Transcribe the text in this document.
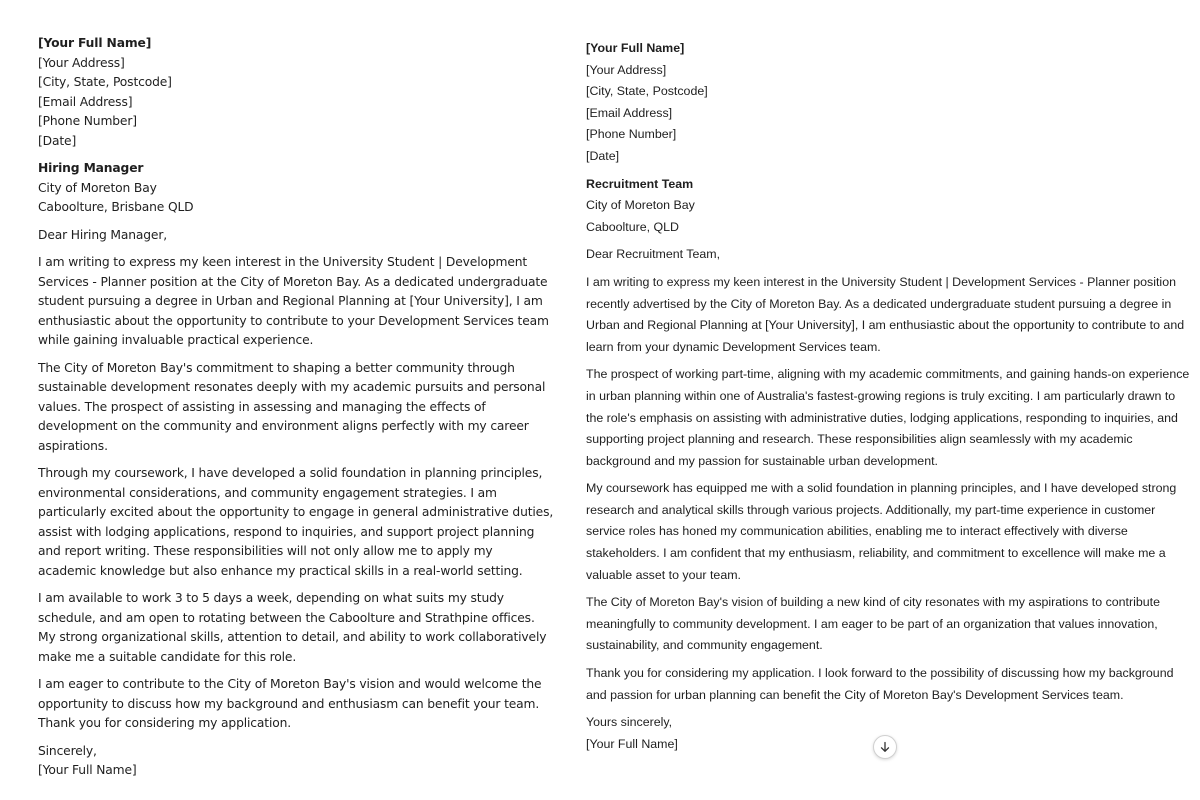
[Your Full Name]
[Your Address]
[City, State, Postcode]
[Email Address]
[Phone Number]
[Date]
Hiring Manager
City of Moreton Bay
Caboolture, Brisbane QLD
Dear Hiring Manager,
I am writing to express my keen interest in the University Student | Development Services - Planner position at the City of Moreton Bay. As a dedicated undergraduate student pursuing a degree in Urban and Regional Planning at [Your University], I am enthusiastic about the opportunity to contribute to your Development Services team while gaining invaluable practical experience.
The City of Moreton Bay's commitment to shaping a better community through sustainable development resonates deeply with my academic pursuits and personal values. The prospect of assisting in assessing and managing the effects of development on the community and environment aligns perfectly with my career aspirations.
Through my coursework, I have developed a solid foundation in planning principles, environmental considerations, and community engagement strategies. I am particularly excited about the opportunity to engage in general administrative duties, assist with lodging applications, respond to inquiries, and support project planning and report writing. These responsibilities will not only allow me to apply my academic knowledge but also enhance my practical skills in a real-world setting.
I am available to work 3 to 5 days a week, depending on what suits my study schedule, and am open to rotating between the Caboolture and Strathpine offices. My strong organizational skills, attention to detail, and ability to work collaboratively make me a suitable candidate for this role.
I am eager to contribute to the City of Moreton Bay's vision and would welcome the opportunity to discuss how my background and enthusiasm can benefit your team. Thank you for considering my application.
Sincerely,
[Your Full Name]
[Your Full Name]
[Your Address]
[City, State, Postcode]
[Email Address]
[Phone Number]
[Date]
Recruitment Team
City of Moreton Bay
Caboolture, QLD
Dear Recruitment Team,
I am writing to express my keen interest in the University Student | Development Services - Planner position recently advertised by the City of Moreton Bay. As a dedicated undergraduate student pursuing a degree in Urban and Regional Planning at [Your University], I am enthusiastic about the opportunity to contribute to and learn from your dynamic Development Services team.
The prospect of working part-time, aligning with my academic commitments, and gaining hands-on experience in urban planning within one of Australia's fastest-growing regions is truly exciting. I am particularly drawn to the role's emphasis on assisting with administrative duties, lodging applications, responding to inquiries, and supporting project planning and research. These responsibilities align seamlessly with my academic background and my passion for sustainable urban development.
My coursework has equipped me with a solid foundation in planning principles, and I have developed strong research and analytical skills through various projects. Additionally, my part-time experience in customer service roles has honed my communication abilities, enabling me to interact effectively with diverse stakeholders. I am confident that my enthusiasm, reliability, and commitment to excellence will make me a valuable asset to your team.
The City of Moreton Bay's vision of building a new kind of city resonates with my aspirations to contribute meaningfully to community development. I am eager to be part of an organization that values innovation, sustainability, and community engagement.
Thank you for considering my application. I look forward to the possibility of discussing how my background and passion for urban planning can benefit the City of Moreton Bay's Development Services team.
Yours sincerely,
[Your Full Name]
